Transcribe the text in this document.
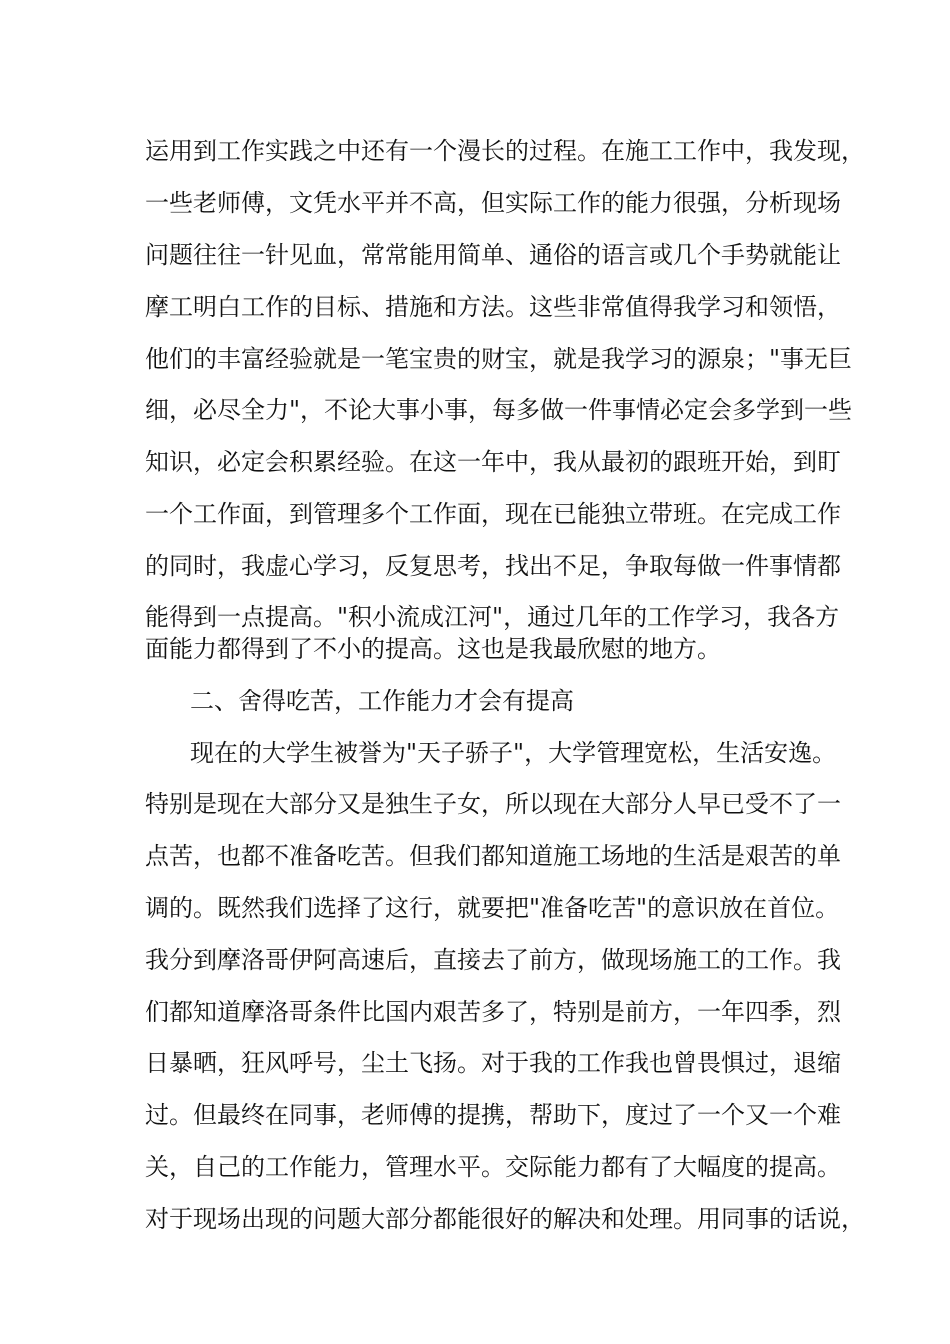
运用到工作实践之中还有一个漫长的过程。在施工工作中，我发现，
一些老师傅，文凭水平并不高，但实际工作的能力很强，分析现场
问题往往一针见血，常常能用简单、通俗的语言或几个手势就能让
摩工明白工作的目标、措施和方法。这些非常值得我学习和领悟，
他们的丰富经验就是一笔宝贵的财宝，就是我学习的源泉；"事无巨
细，必尽全力"，不论大事小事，每多做一件事情必定会多学到一些
知识，必定会积累经验。在这一年中，我从最初的跟班开始，到盯
一个工作面，到管理多个工作面，现在已能独立带班。在完成工作
的同时，我虚心学习，反复思考，找出不足，争取每做一件事情都
能得到一点提高。"积小流成江河"，通过几年的工作学习，我各方
面能力都得到了不小的提高。这也是我最欣慰的地方。
二、舍得吃苦，工作能力才会有提高
现在的大学生被誉为"天子骄子"，大学管理宽松，生活安逸。
特别是现在大部分又是独生子女，所以现在大部分人早已受不了一
点苦，也都不准备吃苦。但我们都知道施工场地的生活是艰苦的单
调的。既然我们选择了这行，就要把"准备吃苦"的意识放在首位。
我分到摩洛哥伊阿高速后，直接去了前方，做现场施工的工作。我
们都知道摩洛哥条件比国内艰苦多了，特别是前方，一年四季，烈
日暴晒，狂风呼号，尘土飞扬。对于我的工作我也曾畏惧过，退缩
过。但最终在同事，老师傅的提携，帮助下，度过了一个又一个难
关，自己的工作能力，管理水平。交际能力都有了大幅度的提高。
对于现场出现的问题大部分都能很好的解决和处理。用同事的话说，
